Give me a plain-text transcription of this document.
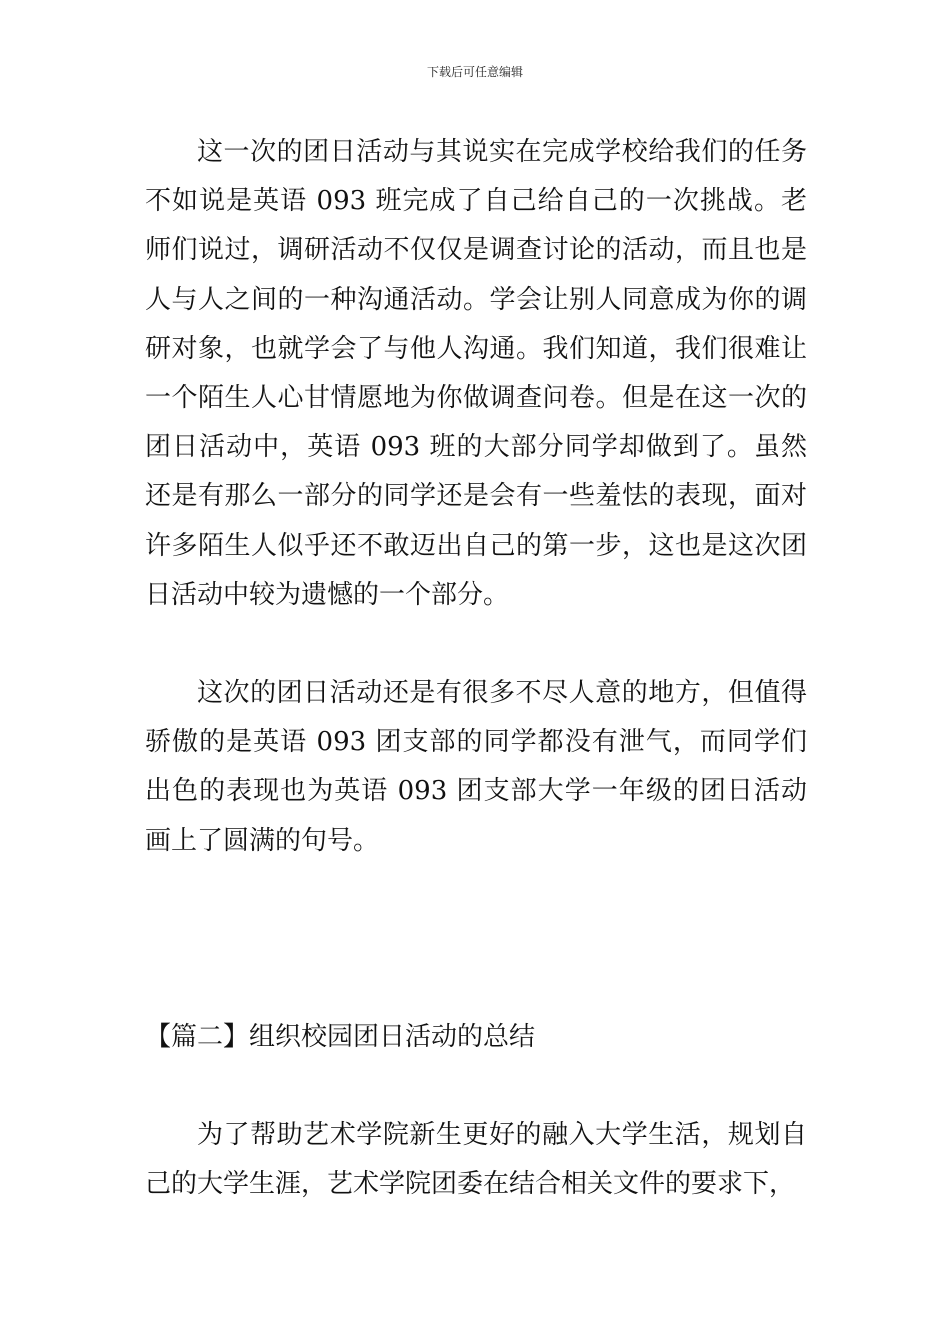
下载后可任意编辑

这一次的团日活动与其说实在完成学校给我们的任务不如说是英语 093 班完成了自己给自己的一次挑战。老师们说过，调研活动不仅仅是调查讨论的活动，而且也是人与人之间的一种沟通活动。学会让别人同意成为你的调研对象，也就学会了与他人沟通。我们知道，我们很难让一个陌生人心甘情愿地为你做调查问卷。但是在这一次的团日活动中，英语 093 班的大部分同学却做到了。虽然还是有那么一部分的同学还是会有一些羞怯的表现，面对许多陌生人似乎还不敢迈出自己的第一步，这也是这次团日活动中较为遗憾的一个部分。

这次的团日活动还是有很多不尽人意的地方，但值得骄傲的是英语 093 团支部的同学都没有泄气，而同学们出色的表现也为英语 093 团支部大学一年级的团日活动画上了圆满的句号。

【篇二】组织校园团日活动的总结

为了帮助艺术学院新生更好的融入大学生活，规划自己的大学生涯，艺术学院团委在结合相关文件的要求下，
